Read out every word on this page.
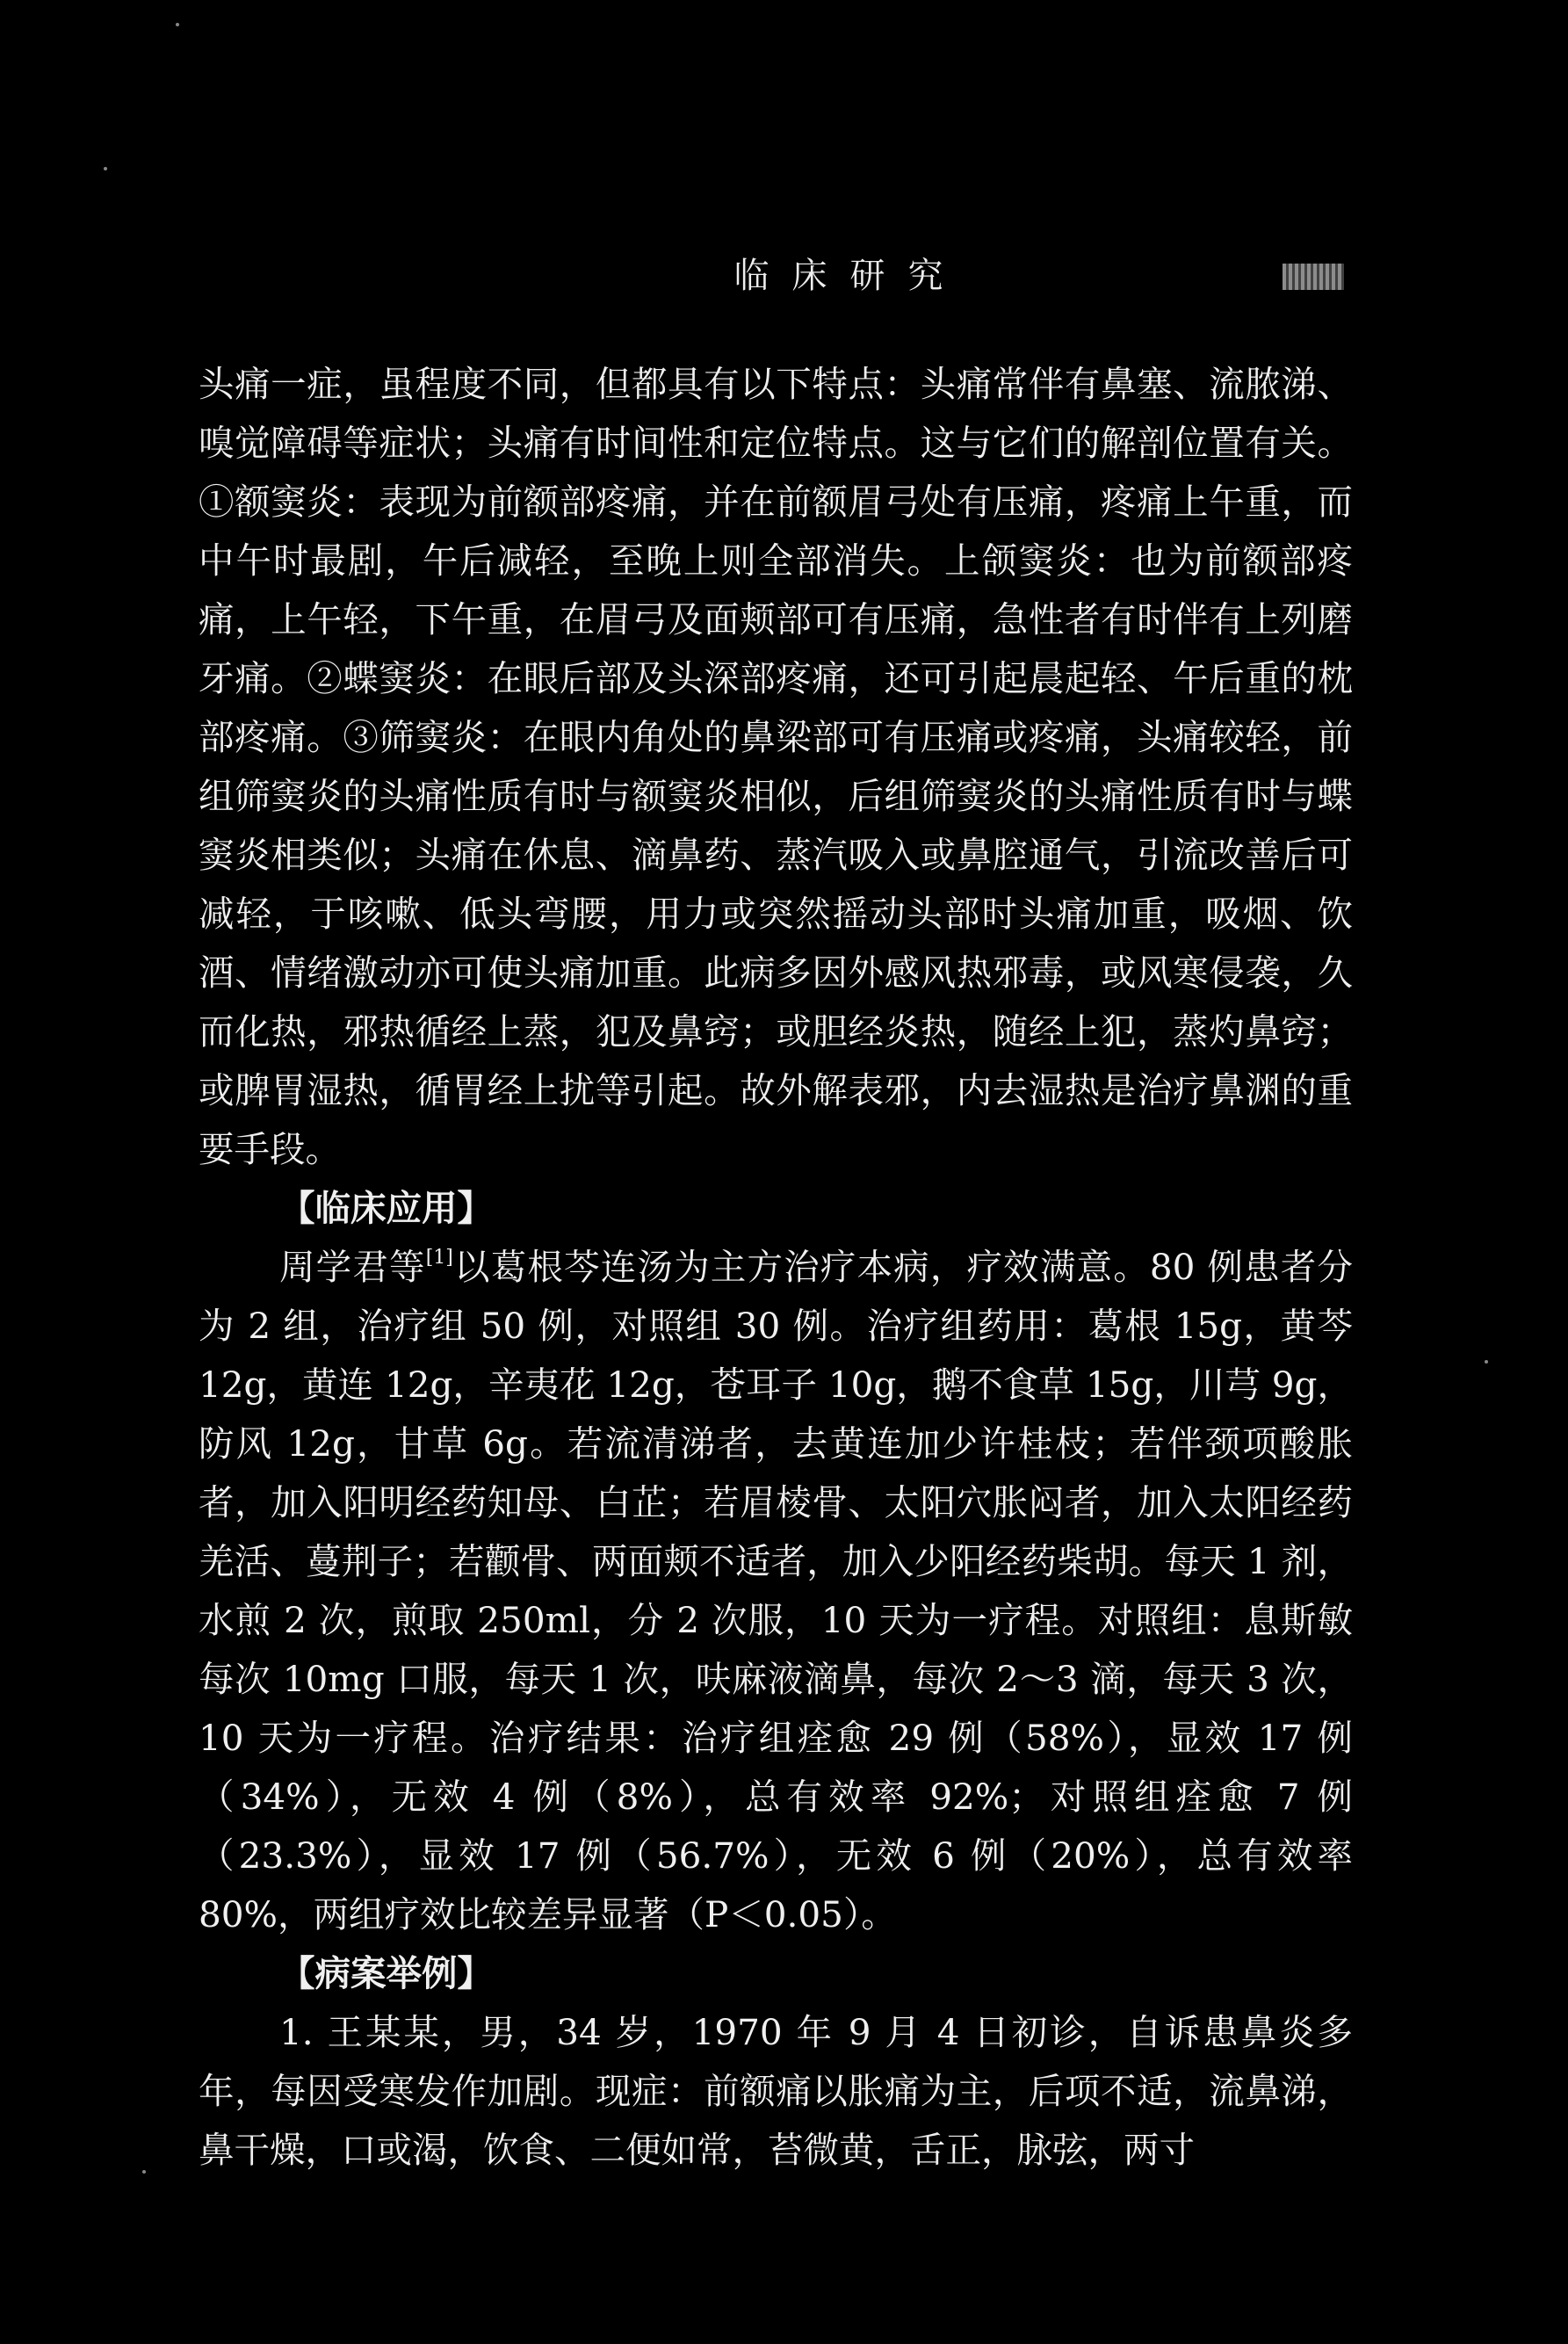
临床研究

头痛一症，虽程度不同，但都具有以下特点：头痛常伴有鼻塞、流脓涕、嗅觉障碍等症状；头痛有时间性和定位特点。这与它们的解剖位置有关。①额窦炎：表现为前额部疼痛，并在前额眉弓处有压痛，疼痛上午重，而中午时最剧，午后减轻，至晚上则全部消失。上颌窦炎：也为前额部疼痛，上午轻，下午重，在眉弓及面颊部可有压痛，急性者有时伴有上列磨牙痛。②蝶窦炎：在眼后部及头深部疼痛，还可引起晨起轻、午后重的枕部疼痛。③筛窦炎：在眼内角处的鼻梁部可有压痛或疼痛，头痛较轻，前组筛窦炎的头痛性质有时与额窦炎相似，后组筛窦炎的头痛性质有时与蝶窦炎相类似；头痛在休息、滴鼻药、蒸汽吸入或鼻腔通气，引流改善后可减轻，于咳嗽、低头弯腰，用力或突然摇动头部时头痛加重，吸烟、饮酒、情绪激动亦可使头痛加重。此病多因外感风热邪毒，或风寒侵袭，久而化热，邪热循经上蒸，犯及鼻窍；或胆经炎热，随经上犯，蒸灼鼻窍；或脾胃湿热，循胃经上扰等引起。故外解表邪，内去湿热是治疗鼻渊的重要手段。

【临床应用】

周学君等[1]以葛根芩连汤为主方治疗本病，疗效满意。80 例患者分为 2 组，治疗组 50 例，对照组 30 例。治疗组药用：葛根 15g，黄芩 12g，黄连 12g，辛夷花 12g，苍耳子 10g，鹅不食草 15g，川芎 9g，防风 12g，甘草 6g。若流清涕者，去黄连加少许桂枝；若伴颈项酸胀者，加入阳明经药知母、白芷；若眉棱骨、太阳穴胀闷者，加入太阳经药羌活、蔓荆子；若颧骨、两面颊不适者，加入少阳经药柴胡。每天 1 剂，水煎 2 次，煎取 250ml，分 2 次服，10 天为一疗程。对照组：息斯敏每次 10mg 口服，每天 1 次，呋麻液滴鼻，每次 2～3 滴，每天 3 次，10 天为一疗程。治疗结果：治疗组痊愈 29 例（58%），显效 17 例（34%），无效 4 例（8%），总有效率 92%；对照组痊愈 7 例（23.3%），显效 17 例（56.7%），无效 6 例（20%），总有效率 80%，两组疗效比较差异显著（P＜0.05）。

【病案举例】

1. 王某某，男，34 岁，1970 年 9 月 4 日初诊，自诉患鼻炎多年，每因受寒发作加剧。现症：前额痛以胀痛为主，后项不适，流鼻涕，鼻干燥，口或渴，饮食、二便如常，苔微黄，舌正，脉弦，两寸
